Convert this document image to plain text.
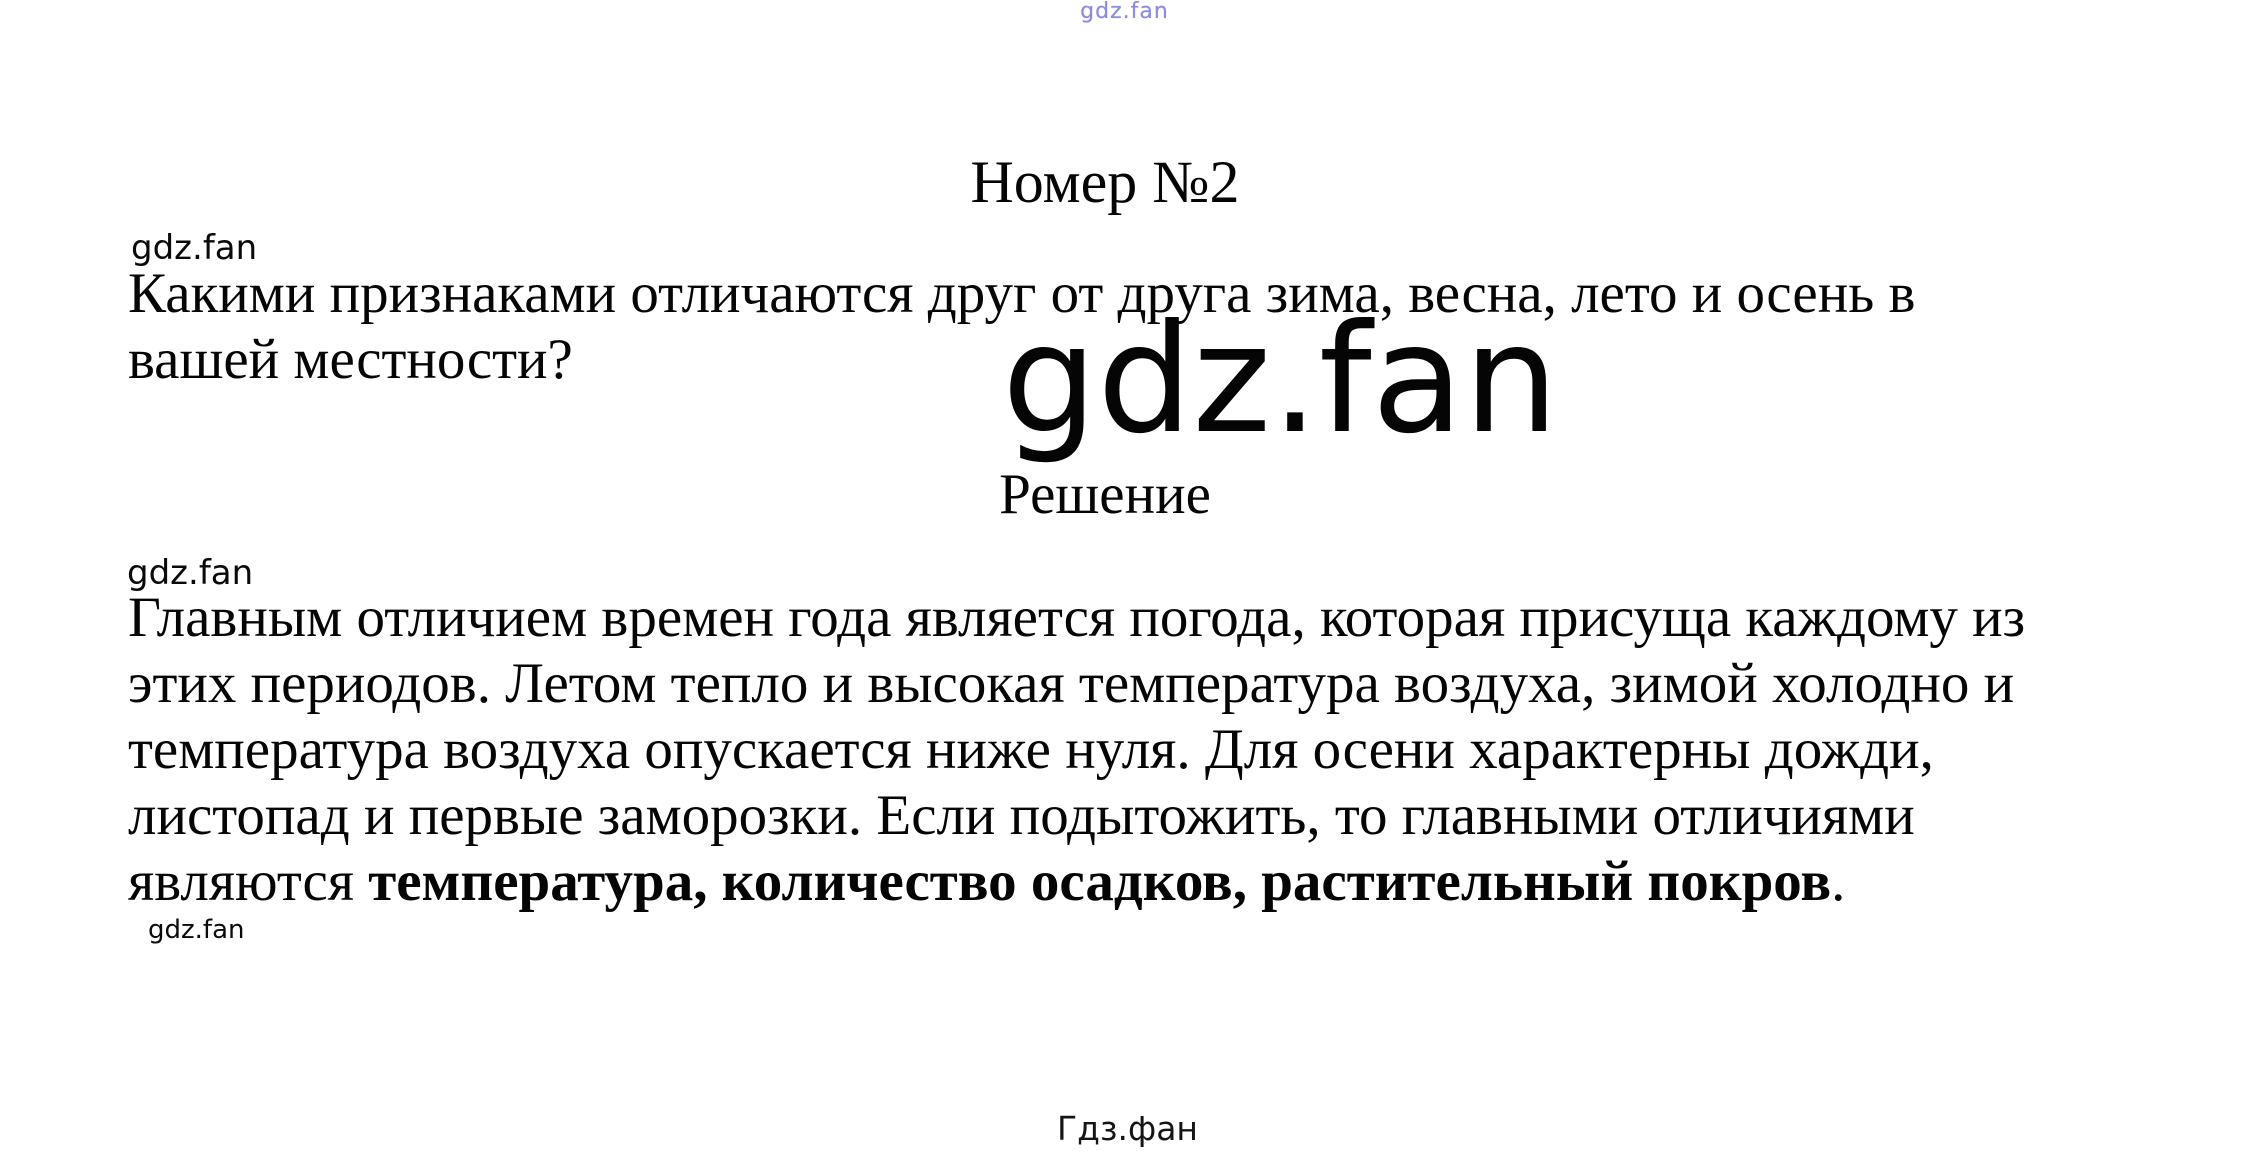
gdz.fan
Номер №2
gdz.fan

Какими признаками отличаются друг от друга зима, весна, лето и осень в вашей местности?	gdz.fan
Решение
gdz.fan

Главным отличием времен года является погода, которая присуща каждому из этих периодов. Летом тепло и высокая температура воздуха, зимой холодно и температура воздуха опускается ниже нуля. Для осени характерны дожди, листопад и первые заморозки. Если подытожить, то главными отличиями являются температура, количество осадков, растительный покров.

gdz.fan
Гдз.фан
